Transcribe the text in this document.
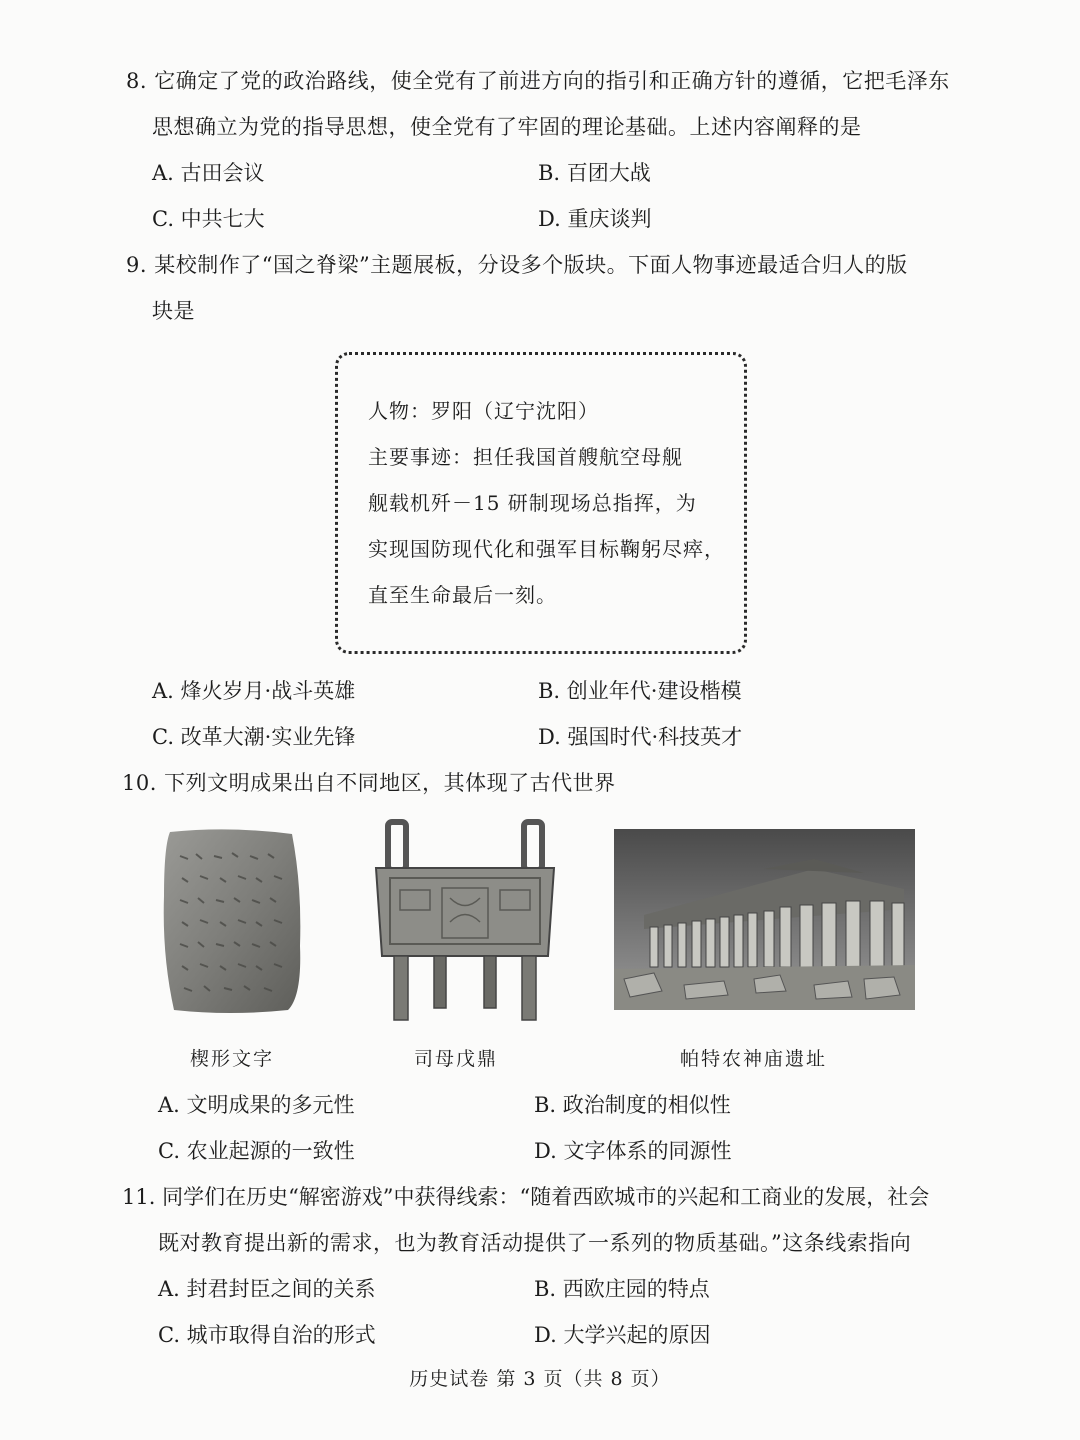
8. 它确定了党的政治路线，使全党有了前进方向的指引和正确方针的遵循，它把毛泽东
思想确立为党的指导思想，使全党有了牢固的理论基础。上述内容阐释的是
A. 古田会议	B. 百团大战
C. 中共七大	D. 重庆谈判
9. 某校制作了“国之脊梁”主题展板，分设多个版块。下面人物事迹最适合归人的版
块是
人物：罗阳（辽宁沈阳）
主要事迹：担任我国首艘航空母舰
舰载机歼－15 研制现场总指挥，为
实现国防现代化和强军目标鞠躬尽瘁，
直至生命最后一刻。
A. 烽火岁月·战斗英雄	B. 创业年代·建设楷模
C. 改革大潮·实业先锋	D. 强国时代·科技英才
10. 下列文明成果出自不同地区，其体现了古代世界
楔形文字	司母戊鼎	帕特农神庙遗址
A. 文明成果的多元性	B. 政治制度的相似性
C. 农业起源的一致性	D. 文字体系的同源性
11. 同学们在历史“解密游戏”中获得线索：“随着西欧城市的兴起和工商业的发展，社会
既对教育提出新的需求，也为教育活动提供了一系列的物质基础。”这条线索指向
A. 封君封臣之间的关系	B. 西欧庄园的特点
C. 城市取得自治的形式	D. 大学兴起的原因
历史试卷 第 3 页（共 8 页）
